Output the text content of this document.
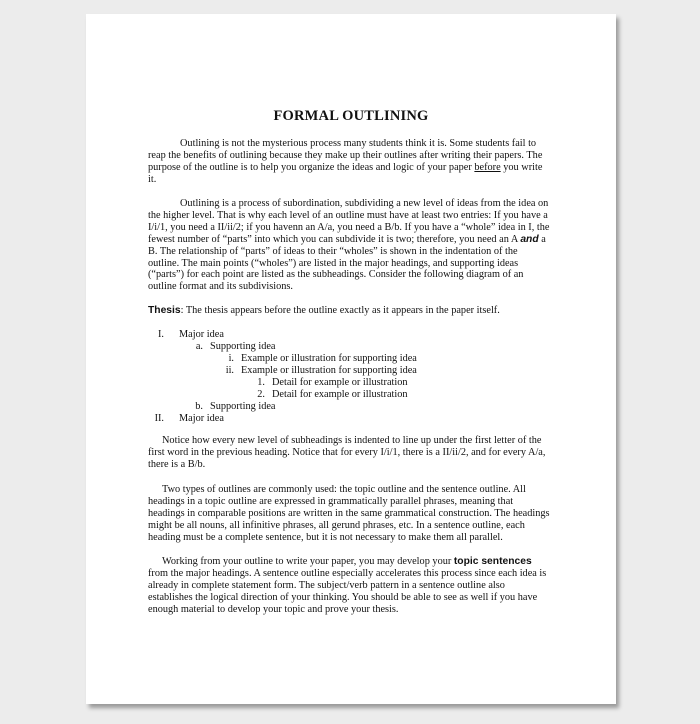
FORMAL OUTLINING

Outlining is not the mysterious process many students think it is. Some students fail to reap the benefits of outlining because they make up their outlines after writing their papers. The purpose of the outline is to help you organize the ideas and logic of your paper before you write it.

Outlining is a process of subordination, subdividing a new level of ideas from the idea on the higher level. That is why each level of an outline must have at least two entries: If you have a I/i/1, you need a II/ii/2; if you havenn an A/a, you need a B/b. If you have a “whole” idea in I, the fewest number of “parts” into which you can subdivide it is two; therefore, you need an A and a B. The relationship of “parts” of ideas to their “wholes” is shown in the indentation of the outline. The main points (“wholes”) are listed in the major headings, and supporting ideas (“parts”) for each point are listed as the subheadings. Consider the following diagram of an outline format and its subdivisions.

Thesis: The thesis appears before the outline exactly as it appears in the paper itself.

I. Major idea
a. Supporting idea
i. Example or illustration for supporting idea
ii. Example or illustration for supporting idea
1. Detail for example or illustration
2. Detail for example or illustration
b. Supporting idea
II. Major idea

Notice how every new level of subheadings is indented to line up under the first letter of the first word in the previous heading. Notice that for every I/i/1, there is a II/ii/2, and for every A/a, there is a B/b.

Two types of outlines are commonly used: the topic outline and the sentence outline. All headings in a topic outline are expressed in grammatically parallel phrases, meaning that headings in comparable positions are written in the same grammatical construction. The headings might be all nouns, all infinitive phrases, all gerund phrases, etc. In a sentence outline, each heading must be a complete sentence, but it is not necessary to make them all parallel.

Working from your outline to write your paper, you may develop your topic sentences from the major headings. A sentence outline especially accelerates this process since each idea is already in complete statement form. The subject/verb pattern in a sentence outline also establishes the logical direction of your thinking. You should be able to see as well if you have enough material to develop your topic and prove your thesis.
